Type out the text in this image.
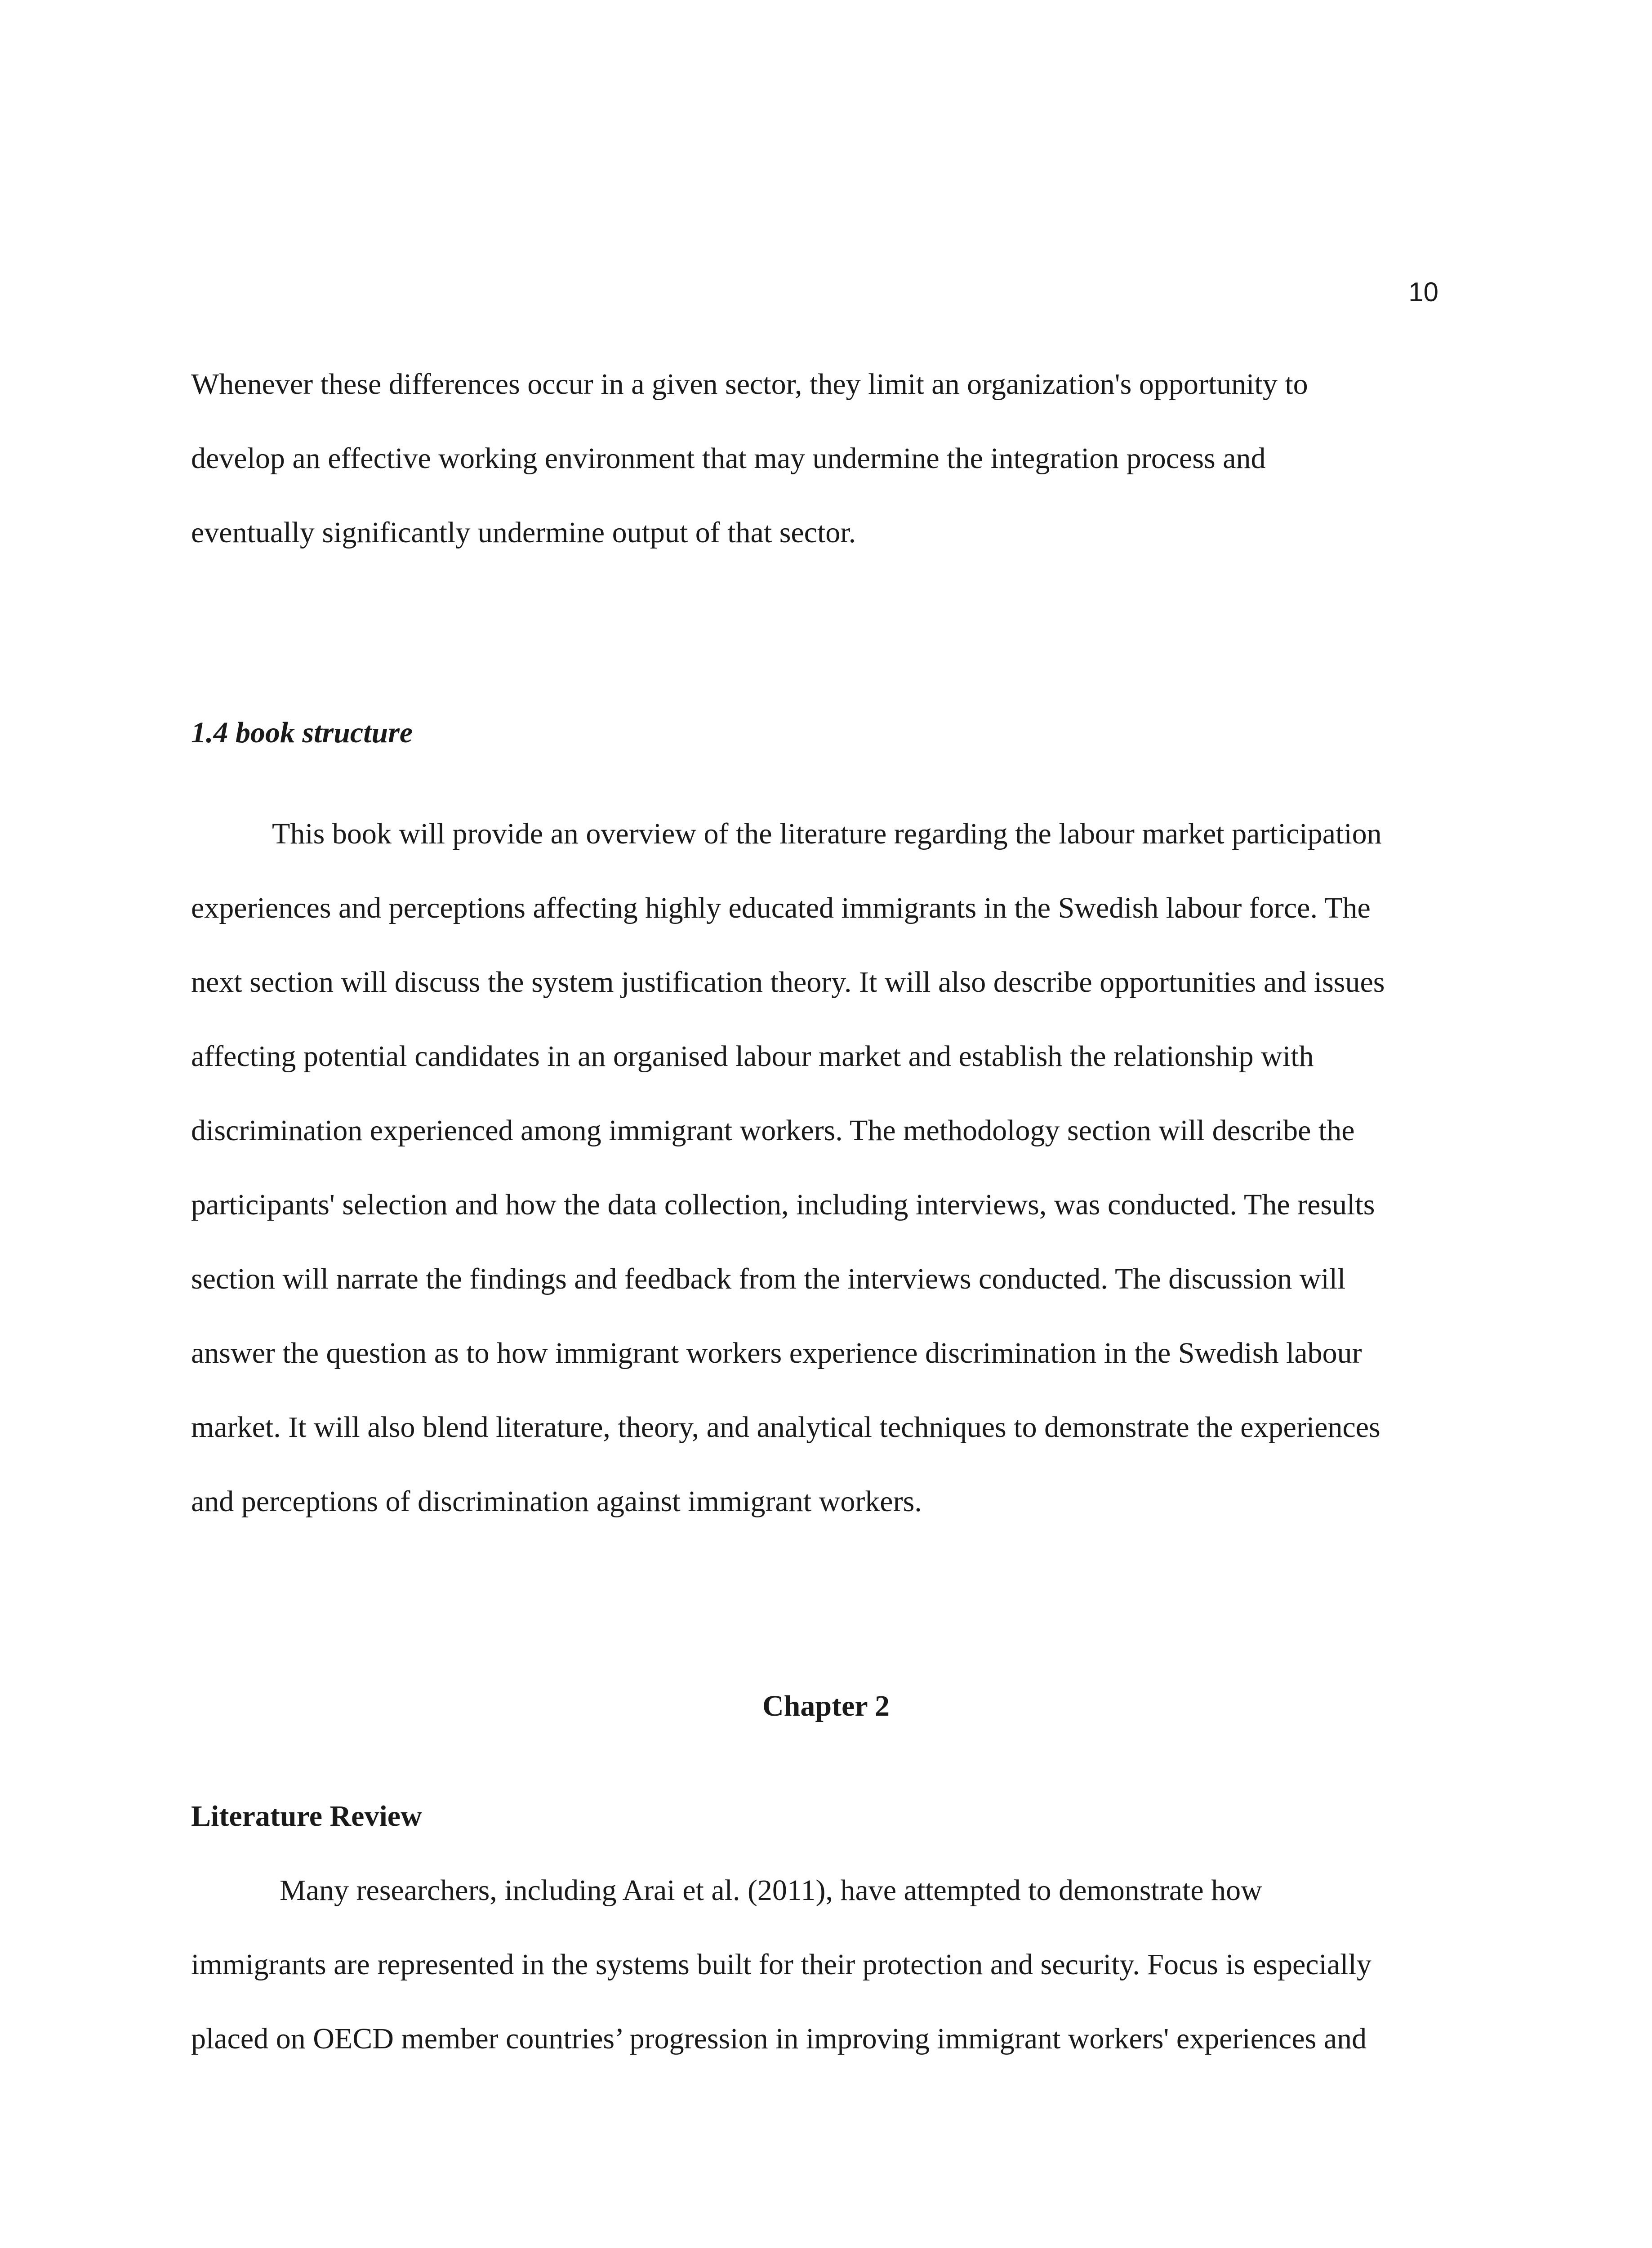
10
Whenever these differences occur in a given sector, they limit an organization's opportunity to
develop an effective working environment that may undermine the integration process and
eventually significantly undermine output of that sector.
1.4 book structure
This book will provide an overview of the literature regarding the labour market participation
experiences and perceptions affecting highly educated immigrants in the Swedish labour force. The
next section will discuss the system justification theory. It will also describe opportunities and issues
affecting potential candidates in an organised labour market and establish the relationship with
discrimination experienced among immigrant workers. The methodology section will describe the
participants' selection and how the data collection, including interviews, was conducted. The results
section will narrate the findings and feedback from the interviews conducted. The discussion will
answer the question as to how immigrant workers experience discrimination in the Swedish labour
market. It will also blend literature, theory, and analytical techniques to demonstrate the experiences
and perceptions of discrimination against immigrant workers.
Chapter 2
Literature Review
Many researchers, including Arai et al. (2011), have attempted to demonstrate how
immigrants are represented in the systems built for their protection and security. Focus is especially
placed on OECD member countries’ progression in improving immigrant workers' experiences and
